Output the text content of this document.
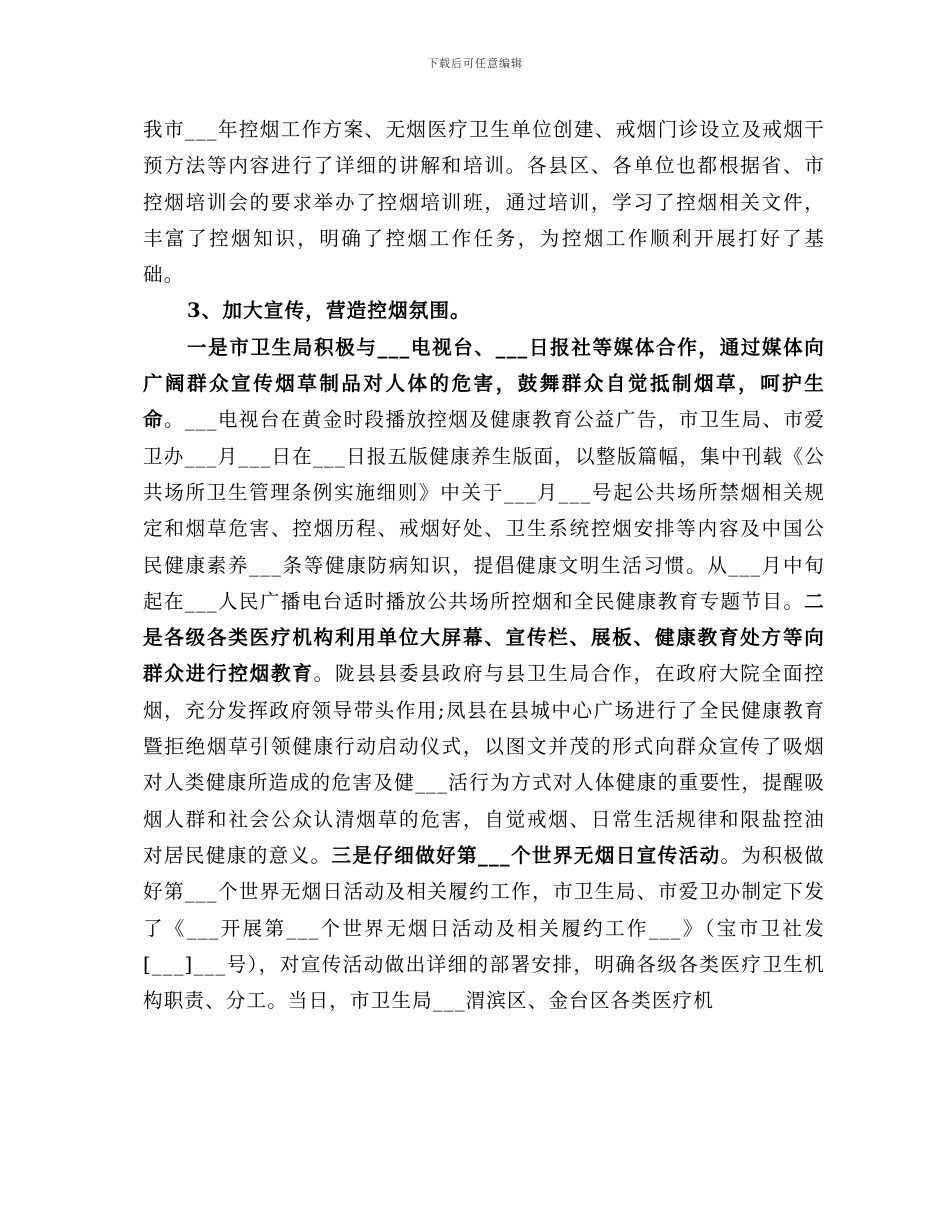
下载后可任意编辑

我市___年控烟工作方案、无烟医疗卫生单位创建、戒烟门诊设立及戒烟干预方法等内容进行了详细的讲解和培训。各县区、各单位也都根据省、市控烟培训会的要求举办了控烟培训班，通过培训，学习了控烟相关文件，丰富了控烟知识，明确了控烟工作任务，为控烟工作顺利开展打好了基础。

3、加大宣传，营造控烟氛围。

一是市卫生局积极与___电视台、___日报社等媒体合作，通过媒体向广阔群众宣传烟草制品对人体的危害，鼓舞群众自觉抵制烟草，呵护生命。___电视台在黄金时段播放控烟及健康教育公益广告，市卫生局、市爱卫办___月___日在___日报五版健康养生版面，以整版篇幅，集中刊载《公共场所卫生管理条例实施细则》中关于___月___号起公共场所禁烟相关规定和烟草危害、控烟历程、戒烟好处、卫生系统控烟安排等内容及中国公民健康素养___条等健康防病知识，提倡健康文明生活习惯。从___月中旬起在___人民广播电台适时播放公共场所控烟和全民健康教育专题节目。二是各级各类医疗机构利用单位大屏幕、宣传栏、展板、健康教育处方等向群众进行控烟教育。陇县县委县政府与县卫生局合作，在政府大院全面控烟，充分发挥政府领导带头作用;凤县在县城中心广场进行了全民健康教育暨拒绝烟草引领健康行动启动仪式，以图文并茂的形式向群众宣传了吸烟对人类健康所造成的危害及健___活行为方式对人体健康的重要性，提醒吸烟人群和社会公众认清烟草的危害，自觉戒烟、日常生活规律和限盐控油对居民健康的意义。三是仔细做好第___个世界无烟日宣传活动。为积极做好第___个世界无烟日活动及相关履约工作，市卫生局、市爱卫办制定下发了《___开展第___个世界无烟日活动及相关履约工作___》（宝市卫社发[___]___号），对宣传活动做出详细的部署安排，明确各级各类医疗卫生机构职责、分工。当日，市卫生局___渭滨区、金台区各类医疗机
